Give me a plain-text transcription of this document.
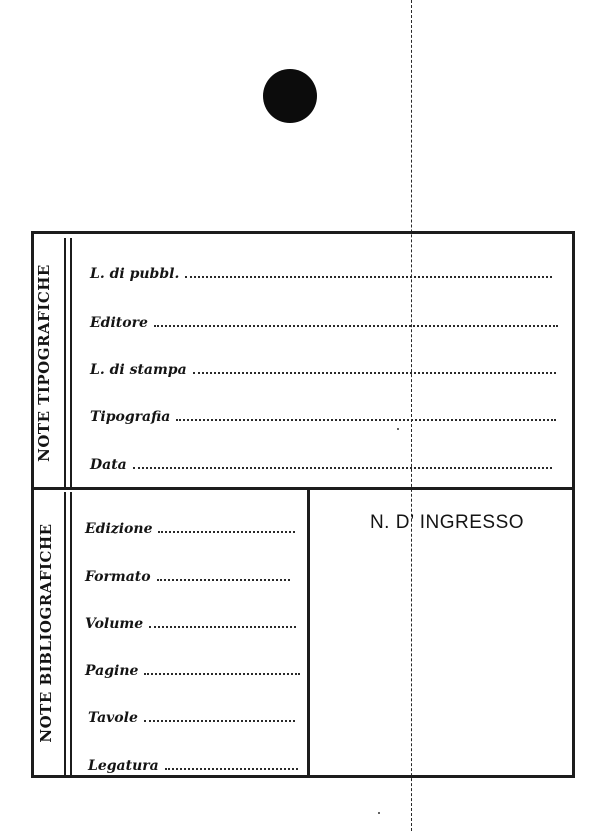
NOTE TIPOGRAFICHE	L. di pubbl.
Editore
L. di stampa
Tipografia
Data
NOTE BIBLIOGRAFICHE Edizione
Formato
Volume
Pagine
Tavole
Legatura
N. D’ INGRESSO
